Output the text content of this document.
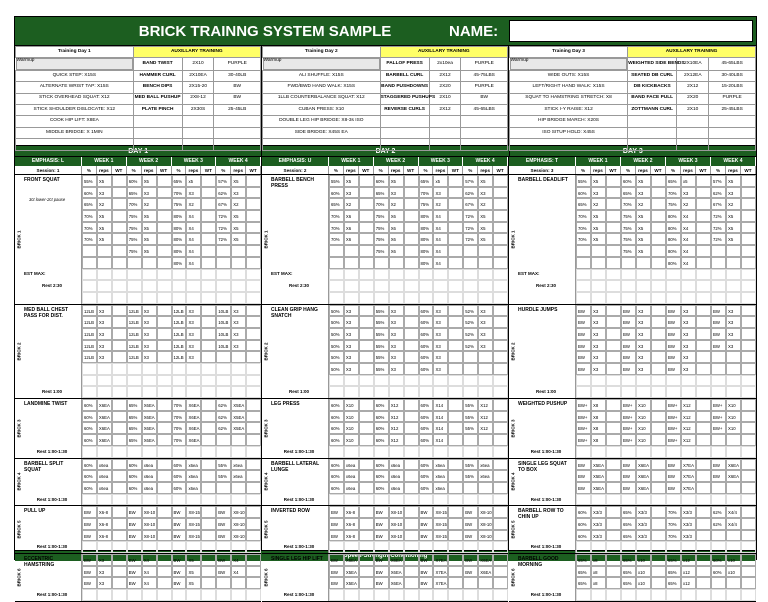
BRICK TRAINNG SYSTEM SAMPLE	NAME:
Training Day 1	AUXILLARY TRAINING		

Warmup	BAND TWIST	2X10	PURPLE
QUICK STEP: X15S	HAMMER CURL	2X10EA	30-40LB
ALTERNATE WRIST TAP: X15S	BENCH DIPS	2X15-20	BW
STICK OVERHEAD SQUAT: X12	MED BALL PUSHUP	2X8-12	BW
STICK SHOULDER DISLOCATE: X12	PLATE PINCH	2X30S	25-45LB
COOK HIP LIFT: X8EA			
MIDDLE BRIDGE: X 1MIN			

Training Day 2	AUXILLARY TRAINING		

Warmup	PALLOF PRESS	2x10ea	PURPLE
ALI SHUFFLE: X15S	BARBELL CURL	2X12	45-75LBS
FWD/BWD HAND WALK: X15S	BAND PUSHDOWNS	2X20	PURPLE
1LLB COUNTERBALANCE SQUAT: X12	STAGGERED PUSHUPS	2X10	BW
CUBAN PRESS: X10	REVERSE CURLS	2X12	45-65LBS
DOUBLE LEG HIP BRIDGE: X8-3s ISO			
SIDE BRIDGE: X45S EA			

Training Day 3	AUXILLARY TRAINING		

Warmup	WEIGHTED SIDE BENDS	2X10EA	45-65LBS
WIDE OUTS: X15S	SEATED DB CURL	2X12EA	30-40LBS
LEFT/RIGHT HAND WALK: X15S	DB KICKBACKS	2X12	15-20LBS
SQUAT TO HAMSTRING STRETCH: X8	BAND FACE PULL	2X20	PURPLE
STICK I-Y RAISE: X12	ZOTTMANN CURL	2X10	25-45LBS
HIP BRIDGE MARCH: X20S			
ISO SITUP HOLD: X45S			

DAY 1	DAY 2	DAY 3
EMPHASIS: L	WEEK 1	WEEK 2	WEEK 3	WEEK 4
Session: 1	%	reps	WT	%	reps	WT	%	reps	WT	%	reps	WT
BRICK 1
FRONT SQUAT
3ct lower-2ct pause
EST MAX:
Rest 2:30
55%	X5	60%	X5	65%	x5	57%	X5
60%	X3	65%	X3	70%	X3	62%	X3
65%	X2	70%	X2	75%	X2	67%	X2
70%	X5	75%	X5	80%	X4	72%	X5
70%	X5	75%	X5	80%	X4	72%	X5
70%	X5	75%	X5	80%	X4	72%	X5
75%	X5	80%	X4
80%	X4
BRICK 2
MED BALL CHEST PASS FOR DIST.
Rest 1:00
12LB	X3	12LB	X3	12LB	X3	10LB	X3
12LB	X3	12LB	X3	12LB	X3	10LB	X3
12LB	X3	12LB	X3	12LB	X3	10LB	X3
12LB	X3	12LB	X3	12LB	X3	10LB	X3
12LB	X3	12LB	X3	12LB	X3
BRICK 3
LANDMINE TWIST
Rest 1:00-1:30
60%	X6EA	65%	X6EA	70%	X6EA	62%	X5EA
60%	X6EA	65%	X6EA	70%	X6EA	62%	X5EA
60%	X6EA	65%	X6EA	70%	X6EA	62%	X5EA
60%	X6EA	65%	X6EA	70%	X6EA
BRICK 4
BARBELL SPLIT SQUAT
Rest 1:00-1:30
60%	x6ea	60%	x6ea	60%	x6ea	55%	x6ea
60%	x6ea	60%	x6ea	60%	x6ea	55%	x6ea
60%	x6ea	60%	x6ea	60%	x6ea
BRICK 5
PULL UP
Rest 1:00-1:30
BW	X6-8	BW	X8-10	BW	X8-15	BW	X8-10
BW	X6-8	BW	X8-10	BW	X8-15	BW	X8-10
BW	X6-8	BW	X8-10	BW	X8-15	BW	X8-10
BRICK 6
ECCENTRIC HAMSTRING
Rest 1:00-1:30
BW	X3	BW	X4	BW	X5	BW	X4
BW	X3	BW	X4	BW	X5	BW	X4
BW	X3	BW	X4	BW	X5
EMPHASIS: U	WEEK 1	WEEK 2	WEEK 3	WEEK 4
Session: 2	%	reps	WT	%	reps	WT	%	reps	WT	%	reps	WT
BRICK 1
BARBELL BENCH PRESS
EST MAX:
Rest 2:30
55%	X5	60%	X5	65%	x5	57%	X5
60%	X3	65%	X3	70%	X3	62%	X3
65%	X2	70%	X2	75%	X2	67%	X2
70%	X6	75%	X6	80%	X4	72%	X5
70%	X6	75%	X6	80%	X4	72%	X5
70%	X6	75%	X6	80%	X4	72%	X5
75%	X6	80%	X4
80%	X4
BRICK 2
CLEAN GRIP HANG SNATCH
Rest 1:00
50%	X3	55%	X3	60%	X3	52%	X3
50%	X3	55%	X3	60%	X3	52%	X3
50%	X3	55%	X3	60%	X3	52%	X3
50%	X3	55%	X3	60%	X3	52%	X3
50%	X3	55%	X3	60%	X3
50%	X3	55%	X3	60%	X3
BRICK 3
LEG PRESS
Rest 1:00-1:30
60%	X10	60%	X12	60%	X14	55%	X12
60%	X10	60%	X12	60%	X14	55%	X12
60%	X10	60%	X12	60%	X14	55%	X12
60%	X10	60%	X12	60%	X14
BRICK 4
BARBELL LATERAL LUNGE
Rest 1:00-1:30
60%	x6ea	60%	x6ea	60%	x6ea	55%	x6ea
60%	x6ea	60%	x6ea	60%	x6ea	55%	x6ea
60%	x6ea	60%	x6ea	60%	x6ea
BRICK 5
INVERTED ROW
Rest 1:00-1:30
BW	X6-8	BW	X8-10	BW	X8-15	BW	X8-10
BW	X6-8	BW	X8-10	BW	X8-15	BW	X8-10
BW	X6-8	BW	X8-10	BW	X8-15	BW	X8-10
BRICK 6
SINGLE LEG HIP LIFT
Rest 1:00-1:30
BW	X5EA	BW	X6EA	BW	X7EA	BW	X6EA
BW	X5EA	BW	X6EA	BW	X7EA	BW	X6EA
BW	X5EA	BW	X6EA	BW	X7EA
EMPHASIS: T	WEEK 1	WEEK 2	WEEK 3	WEEK 4
Session: 3	%	reps	WT	%	reps	WT	%	reps	WT	%	reps	WT
BRICK 1
BARBELL DEADLIFT
EST MAX:
Rest 2:30
55%	X5	60%	X5	65%	x5	57%	X5
60%	X3	65%	X3	70%	X3	62%	X3
65%	X2	70%	X2	75%	X2	67%	X2
70%	X5	75%	X5	80%	X4	72%	X5
70%	X5	75%	X5	80%	X4	72%	X5
70%	X5	75%	X5	80%	X4	72%	X5
75%	X5	80%	X4
80%	X4
BRICK 2
HURDLE JUMPS
Rest 1:00
BW	X3	BW	X3	BW	X3	BW	X3
BW	X3	BW	X3	BW	X3	BW	X3
BW	X3	BW	X3	BW	X3	BW	X3
BW	X3	BW	X3	BW	X3	BW	X3
BW	X3	BW	X3	BW	X3
BW	X3	BW	X3	BW	X3
BRICK 3
WEIGHTED PUSHUP
Rest 1:00-1:30
BW+	X8	BW+	X10	BW+	X12	BW+	X10
BW+	X8	BW+	X10	BW+	X12	BW+	X10
BW+	X8	BW+	X10	BW+	X12	BW+	X10
BW+	X8	BW+	X10	BW+	X12
BRICK 4
SINGLE LEG SQUAT TO BOX
Rest 1:00-1:30
BW	X5EA	BW	X6EA	BW	X7EA	BW	X6EA
BW	X5EA	BW	X6EA	BW	X7EA	BW	X6EA
BW	X5EA	BW	X6EA	BW	X7EA
BRICK 5
BARBELL ROW TO CHIN UP
Rest 1:00-1:30
60%	X3/3	65%	X3/3	70%	X3/3	62%	X4/4
60%	X3/3	65%	X3/3	70%	X3/3	62%	X4/4
60%	X3/3	65%	X3/3	70%	X3/3
BRICK 6
BARBELL GOOD MORNING
Rest 1:00-1:30
65%	x8	65%	x10	65%	x12	60%	x10
65%	x8	65%	x10	65%	x12	60%	x10
65%	x8	65%	x10	65%	x12
Speed-Strength-Conditioning
